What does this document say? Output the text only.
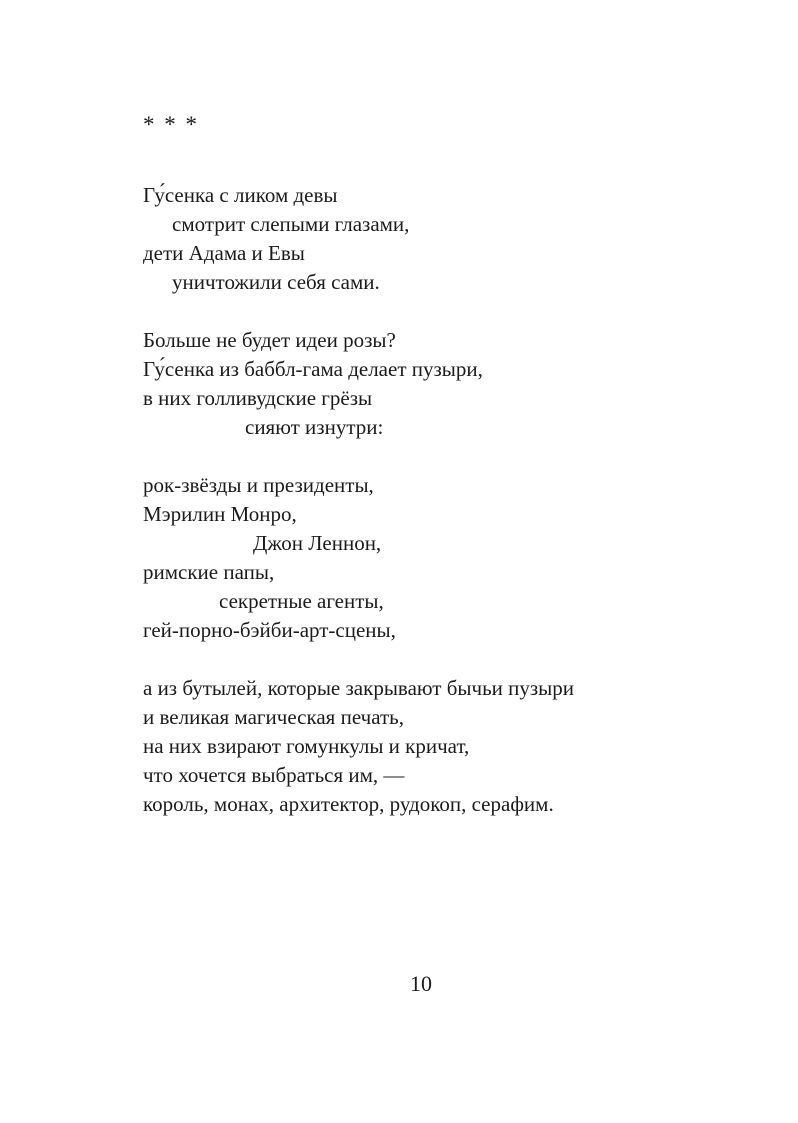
* * *
Гу́сенка с ликом девы
смотрит слепыми глазами,
дети Адама и Евы
уничтожили себя сами.
Больше не будет идеи розы?
Гу́сенка из баббл-гама делает пузыри,
в них голливудские грёзы
сияют изнутри:
рок-звёзды и президенты,
Мэрилин Монро,
Джон Леннон,
римские папы,
секретные агенты,
гей-порно-бэйби-арт-сцены,
а из бутылей, которые закрывают бычьи пузыри
и великая магическая печать,
на них взирают гомункулы и кричат,
что хочется выбраться им, —
король, монах, архитектор, рудокоп, серафим.
10
